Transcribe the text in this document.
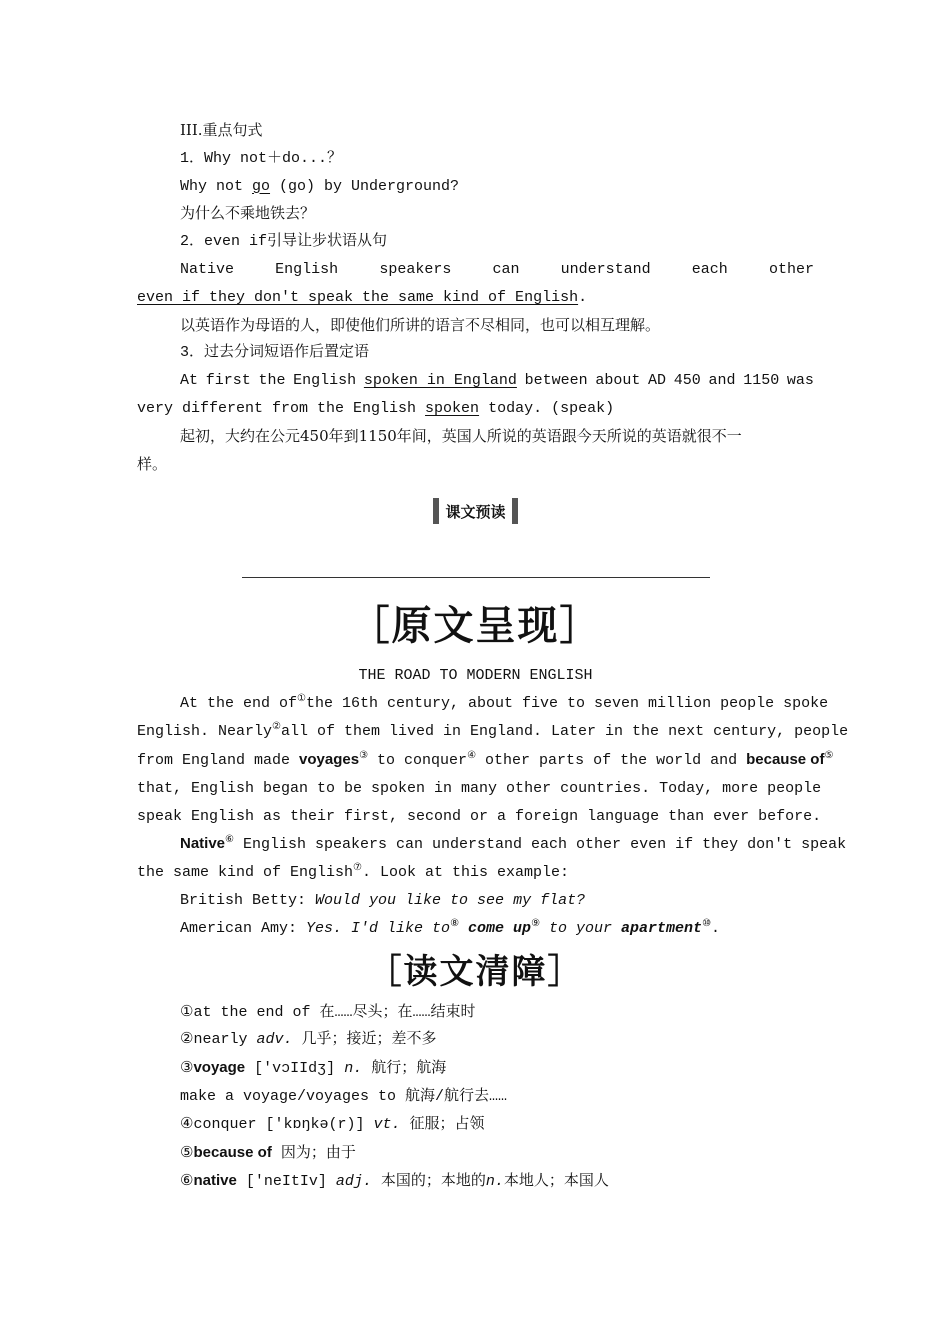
III.重点句式
1．Why not＋do...？
Why not go (go) by Underground?
为什么不乘地铁去？
2．even if引导让步状语从句
Native	English	speakers	can	understand	each	other
even if they don't speak the same kind of English.
以英语作为母语的人，即使他们所讲的语言不尽相同，也可以相互理解。
3．过去分词短语作后置定语
At first the English spoken in England between about AD 450 and 1150 was
very different from the English spoken today. (speak)
起初，大约在公元450年到1150年间，英国人所说的英语跟今天所说的英语就很不一
样。
课文预读
［原文呈现］
THE ROAD TO MODERN ENGLISH
At the end of① the 16th century, about five to seven million people spoke
English. Nearly② all of them lived in England. Later in the next century, people
from England made voyages③ to conquer④ other parts of the world and because of⑤
that, English began to be spoken in many other countries. Today, more people
speak English as their first, second or a foreign language than ever before.
Native⑥ English speakers can understand each other even if they don't speak
the same kind of English⑦. Look at this example:
British Betty: Would you like to see my flat?
American Amy: Yes. I'd like to⑧ come up⑨ to your apartment⑩.
［读文清障］
①at the end of 在……尽头；在……结束时
②nearly adv. 几乎；接近；差不多
③voyage ['vɔIIdʒ] n. 航行；航海
make a voyage/voyages to 航海/航行去……
④conquer ['kɒŋkə(r)] vt. 征服；占领
⑤because of 因为；由于
⑥native ['neItIv] adj. 本国的；本地的n.本地人；本国人
